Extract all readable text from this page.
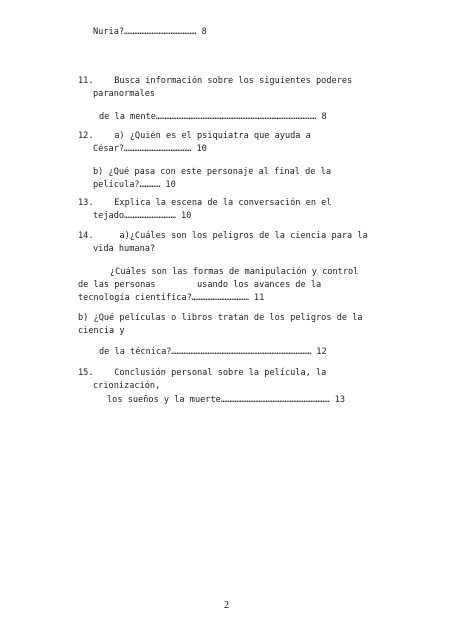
Nuria?…………………………………… 8
11.    Busca información sobre los siguientes poderes
paranormales
de la mente………………………………………………………………………………… 8
12.    a) ¿Quién es el psiquiatra que ayuda a
César?………………………………… 10
b) ¿Qué pasa con este personaje al final de la
película?………… 10
13.    Explica la escena de la conversación en el
tejado………………………… 10
14.     a)¿Cuáles son los peligros de la ciencia para la
vida humana?
¿Cuáles son las formas de manipulación y control
de las personas        usando los avances de la
tecnología científica?…………………………… 11
b) ¿Qué películas o libros tratan de los peligros de la
ciencia y
de la técnica?……………………………………………………………………… 12
15.    Conclusión personal sobre la película, la
crionización,
los sueños y la muerte……………………………………………………… 13
2
